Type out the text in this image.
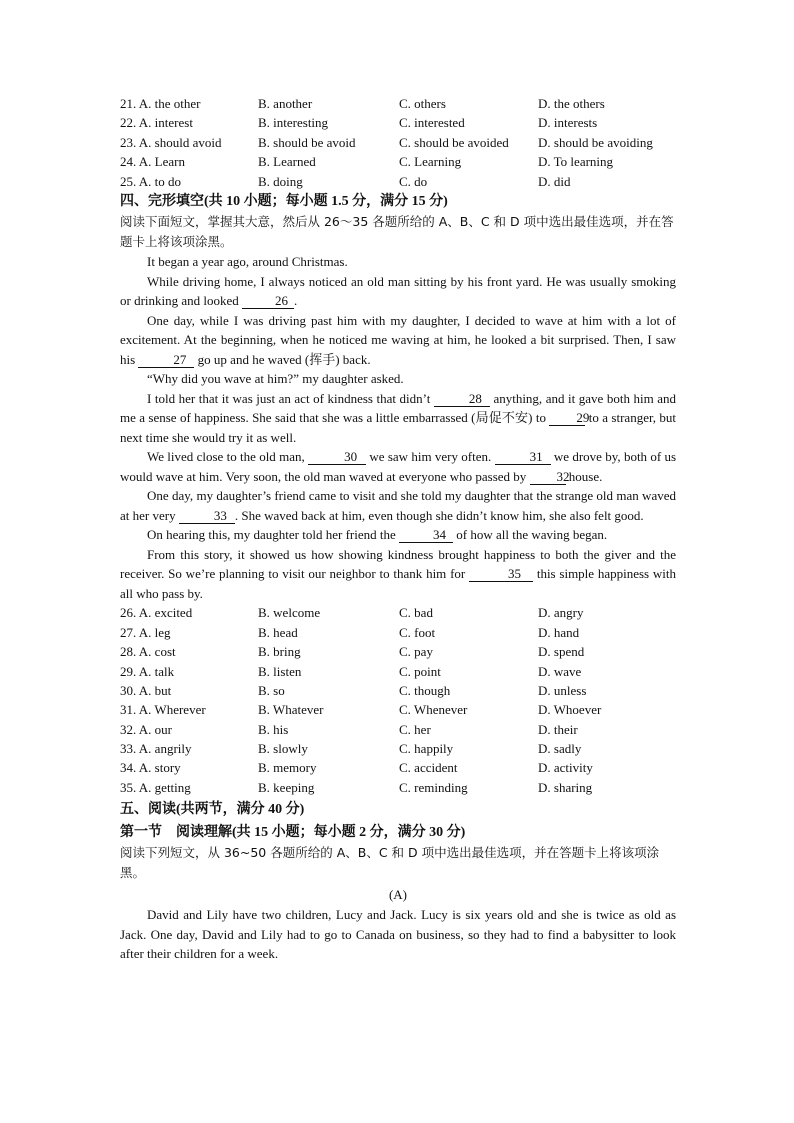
21. A. the other	B. another	C. others	D. the others
22. A. interest	B. interesting	C. interested	D. interests
23. A. should avoid	B. should be avoid	C. should be avoided	D. should be avoiding
24. A. Learn	B. Learned	C. Learning	D. To learning
25. A. to do	B. doing	C. do	D. did
四、完形填空(共 10 小题；每小题 1.5 分，满分 15 分)
阅读下面短文，掌握其大意，然后从 26～35 各题所给的 A、B、C 和 D 项中选出最佳选项，并在答题卡上将该项涂黑。
It began a year ago, around Christmas.
While driving home, I always noticed an old man sitting by his front yard. He was usually smoking or drinking and looked	26 .
One day, while I was driving past him with my daughter, I decided to wave at him with a lot of excitement. At the beginning, when he noticed me waving at him, he looked a bit surprised. Then, I saw his	27 go up and he waved (挥手) back.
“Why did you wave at him?” my daughter asked.
I told her that it was just an act of kindness that didn’t	28 anything, and it gave both him and me a sense of happiness. She said that she was a little embarrassed (局促不安) to 29 to a stranger, but next time she would try it as well.
We lived close to the old man,	30 we saw him very often.	31 we drove by, both of us would wave at him. Very soon, the old man waved at everyone who passed by 32 house.
One day, my daughter’s friend came to visit and she told my daughter that the strange old man waved at her very	33 . She waved back at him, even though she didn’t know him, she also felt good.
On hearing this, my daughter told her friend the	34 of how all the waving began.
From this story, it showed us how showing kindness brought happiness to both the giver and the receiver. So we’re planning to visit our neighbor to thank him for	35 this simple happiness with all who pass by.
26. A. excited	B. welcome	C. bad	D. angry
27. A. leg	B. head	C. foot	D. hand
28. A. cost	B. bring	C. pay	D. spend
29. A. talk	B. listen	C. point	D. wave
30. A. but	B. so	C. though	D. unless
31. A. Wherever	B. Whatever	C. Whenever	D. Whoever
32. A. our	B. his	C. her	D. their
33. A. angrily	B. slowly	C. happily	D. sadly
34. A. story	B. memory	C. accident	D. activity
35. A. getting	B. keeping	C. reminding	D. sharing
五、阅读(共两节，满分 40 分)
第一节　阅读理解(共 15 小题；每小题 2 分，满分 30 分)
阅读下列短文，从 36~50 各题所给的 A、B、C 和 D 项中选出最佳选项，并在答题卡上将该项涂黑。
(A)
David and Lily have two children, Lucy and Jack. Lucy is six years old and she is twice as old as Jack. One day, David and Lily had to go to Canada on business, so they had to find a babysitter to look after their children for a week.
